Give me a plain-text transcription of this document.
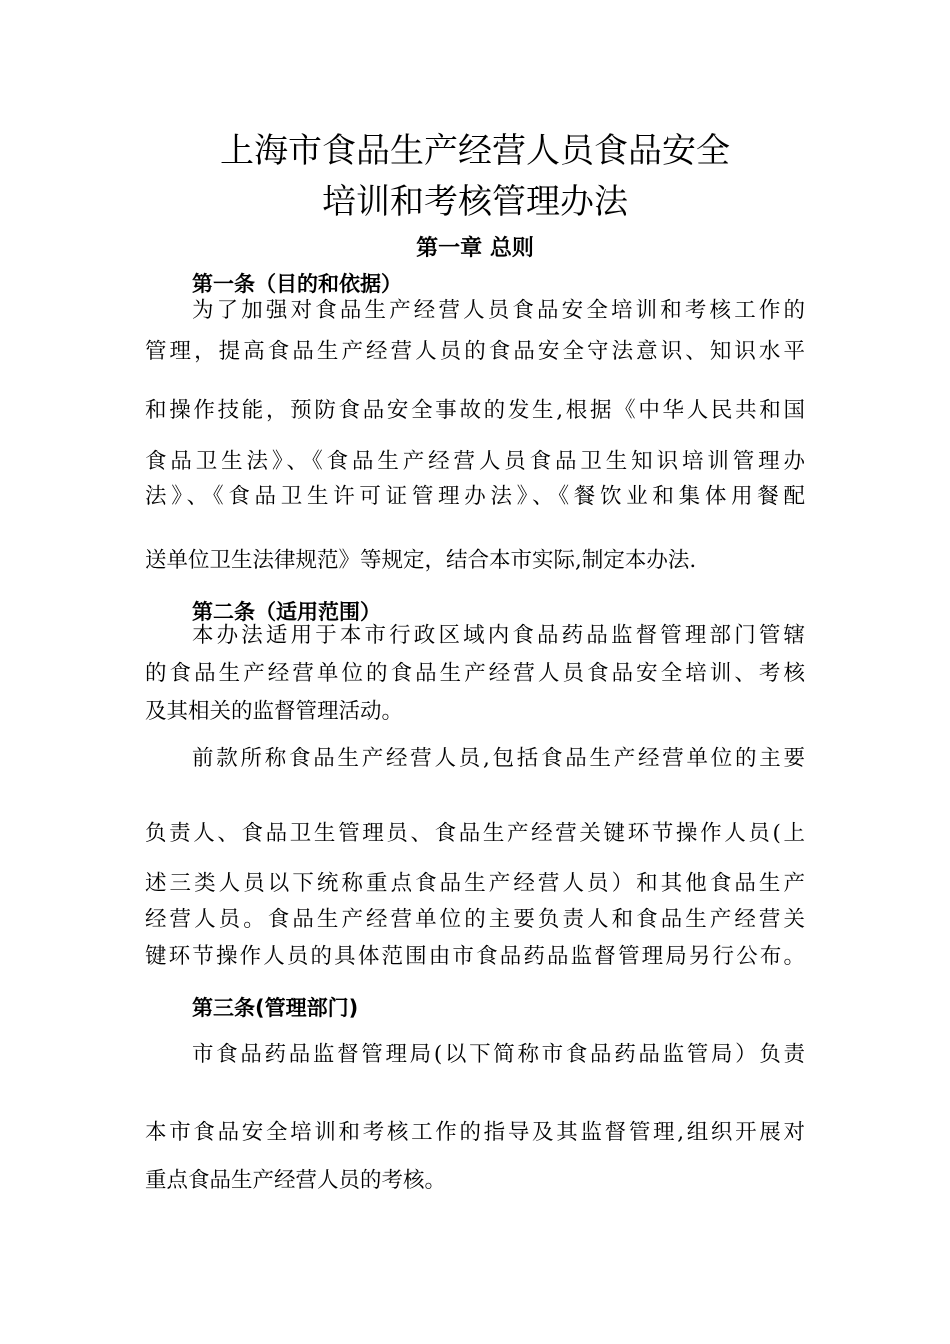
上海市食品生产经营人员食品安全
培训和考核管理办法
第一章 总则
第一条（目的和依据）
为了加强对食品生产经营人员食品安全培训和考核工作的
管理，提高食品生产经营人员的食品安全守法意识、知识水平
和操作技能，预防食品安全事故的发生,根据《中华人民共和国
食品卫生法》、《食品生产经营人员食品卫生知识培训管理办
法》、《食品卫生许可证管理办法》、《餐饮业和集体用餐配
送单位卫生法律规范》等规定，结合本市实际,制定本办法.
第二条（适用范围）
本办法适用于本市行政区域内食品药品监督管理部门管辖
的食品生产经营单位的食品生产经营人员食品安全培训、考核
及其相关的监督管理活动。
前款所称食品生产经营人员,包括食品生产经营单位的主要
负责人、食品卫生管理员、食品生产经营关键环节操作人员(上
述三类人员以下统称重点食品生产经营人员）和其他食品生产
经营人员。食品生产经营单位的主要负责人和食品生产经营关
键环节操作人员的具体范围由市食品药品监督管理局另行公布。
第三条(管理部门)
市食品药品监督管理局(以下简称市食品药品监管局）负责
本市食品安全培训和考核工作的指导及其监督管理,组织开展对
重点食品生产经营人员的考核。
